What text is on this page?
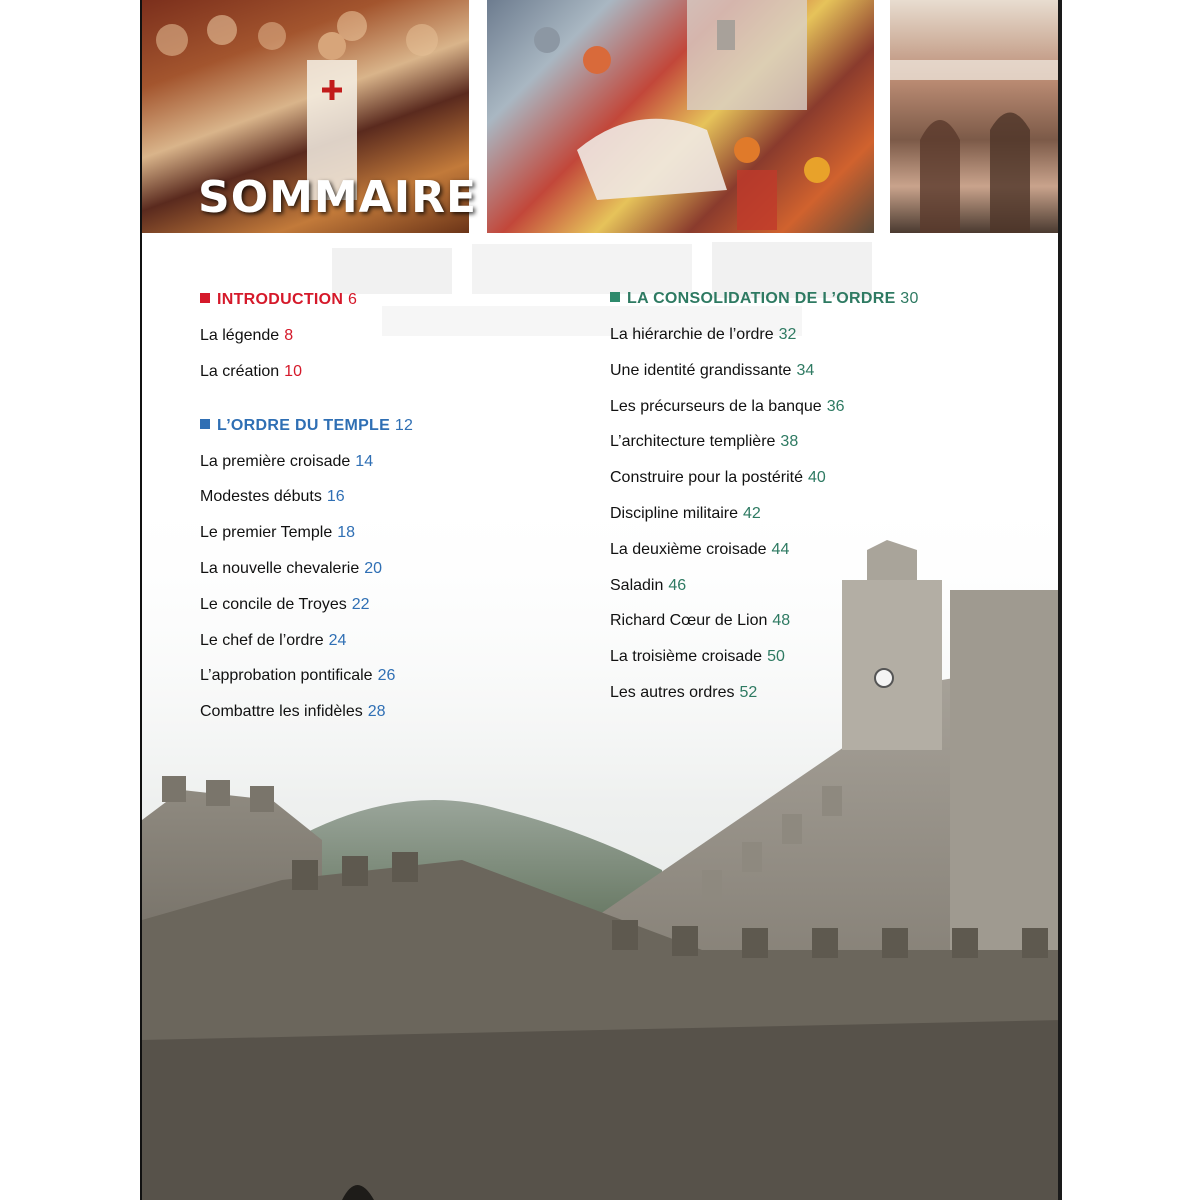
SOMMAIRE
INTRODUCTION 6
La légende 8
La création 10
L’ORDRE DU TEMPLE 12
La première croisade 14
Modestes débuts 16
Le premier Temple 18
La nouvelle chevalerie 20
Le concile de Troyes 22
Le chef de l’ordre 24
L’approbation pontificale 26
Combattre les infidèles 28
LA CONSOLIDATION DE L’ORDRE 30
La hiérarchie de l’ordre 32
Une identité grandissante 34
Les précurseurs de la banque 36
L’architecture templière 38
Construire pour la postérité 40
Discipline militaire 42
La deuxième croisade 44
Saladin 46
Richard Cœur de Lion 48
La troisième croisade 50
Les autres ordres 52
